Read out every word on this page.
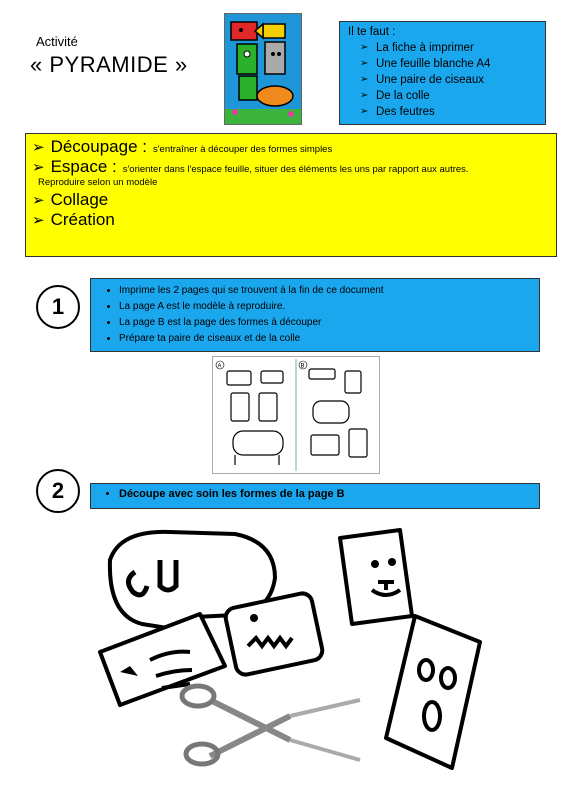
Activité
« PYRAMIDE »
Il te faut :
➢ La fiche à imprimer
➢ Une feuille blanche A4
➢ Une paire de ciseaux
➢ De la colle
➢ Des feutres
➢ Découpage : s'entraîner à découper des formes simples
➢ Espace : s'orienter dans l'espace feuille, situer des éléments les uns par rapport aux autres.
Reproduire selon un modèle
➢ Collage
➢ Création
1
• Imprime les 2 pages qui se trouvent à la fin de ce document
• La page A est le modèle à reproduire.
• La page B est la page des formes à découper
• Prépare ta paire de ciseaux et de la colle
A	B
2
•	Découpe avec soin les formes de la page B
